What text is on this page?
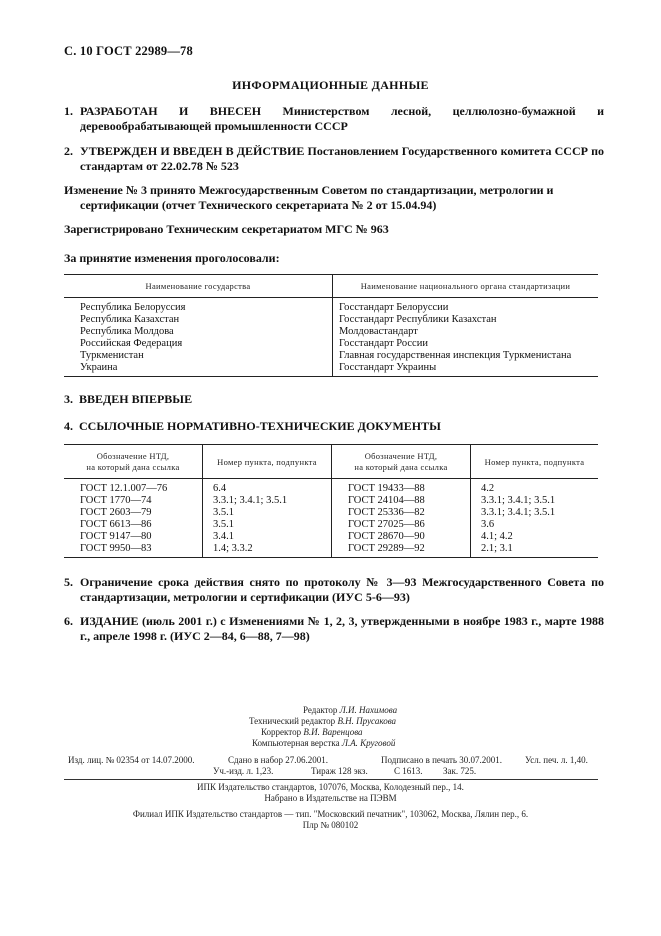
С. 10 ГОСТ 22989—78
ИНФОРМАЦИОННЫЕ ДАННЫЕ
1. РАЗРАБОТАН И ВНЕСЕН Министерством лесной, целлюлозно-бумажной и деревообрабатывающей промышленности СССР
2. УТВЕРЖДЕН И ВВЕДЕН В ДЕЙСТВИЕ Постановлением Государственного комитета СССР по стандартам от 22.02.78 № 523
Изменение № 3 принято Межгосударственным Советом по стандартизации, метрологии и сертификации (отчет Технического секретариата № 2 от 15.04.94)
Зарегистрировано Техническим секретариатом МГС № 963
За принятие изменения проголосовали:
Наименование государства	Наименование национального органа стандартизации
Республика Белоруссия	Госстандарт Белоруссии
Республика Казахстан	Госстандарт Республики Казахстан
Республика Молдова	Молдовастандарт
Российская Федерация	Госстандарт России
Туркменистан	Главная государственная инспекция Туркменистана
Украина	Госстандарт Украины
3. ВВЕДЕН ВПЕРВЫЕ
4. ССЫЛОЧНЫЕ НОРМАТИВНО-ТЕХНИЧЕСКИЕ ДОКУМЕНТЫ
Обозначение НТД,
на который дана ссылка	Номер пункта, подпункта	Обозначение НТД,
на который дана ссылка	Номер пункта, подпункта
ГОСТ 12.1.007—76	6.4	ГОСТ 19433—88	4.2
ГОСТ 1770—74	3.3.1; 3.4.1; 3.5.1	ГОСТ 24104—88	3.3.1; 3.4.1; 3.5.1
ГОСТ 2603—79	3.5.1	ГОСТ 25336—82	3.3.1; 3.4.1; 3.5.1
ГОСТ 6613—86	3.5.1	ГОСТ 27025—86	3.6
ГОСТ 9147—80	3.4.1	ГОСТ 28670—90	4.1; 4.2
ГОСТ 9950—83	1.4; 3.3.2	ГОСТ 29289—92	2.1; 3.1
5. Ограничение срока действия снято по протоколу № 3—93 Межгосударственного Совета по стандартизации, метрологии и сертификации (ИУС 5-6—93)
6. ИЗДАНИЕ (июль 2001 г.) с Изменениями № 1, 2, 3, утвержденными в ноябре 1983 г., марте 1988 г., апреле 1998 г. (ИУС 2—84, 6—88, 7—98)
Редактор Л.И. Нахимова
Технический редактор В.Н. Прусакова
Корректор В.И. Варенцова
Компьютерная верстка Л.А. Круговой
Изд. лиц. № 02354 от 14.07.2000.	Сдано в набор 27.06.2001.	Подписано в печать 30.07.2001.	Усл. печ. л. 1,40.
Уч.-изд. л. 1,23.	Тираж 128 экз.	С 1613. Зак. 725.
ИПК Издательство стандартов, 107076, Москва, Колодезный пер., 14.
Набрано в Издательстве на ПЭВМ
Филиал ИПК Издательство стандартов — тип. "Московский печатник", 103062, Москва, Лялин пер., 6.
Плр № 080102
